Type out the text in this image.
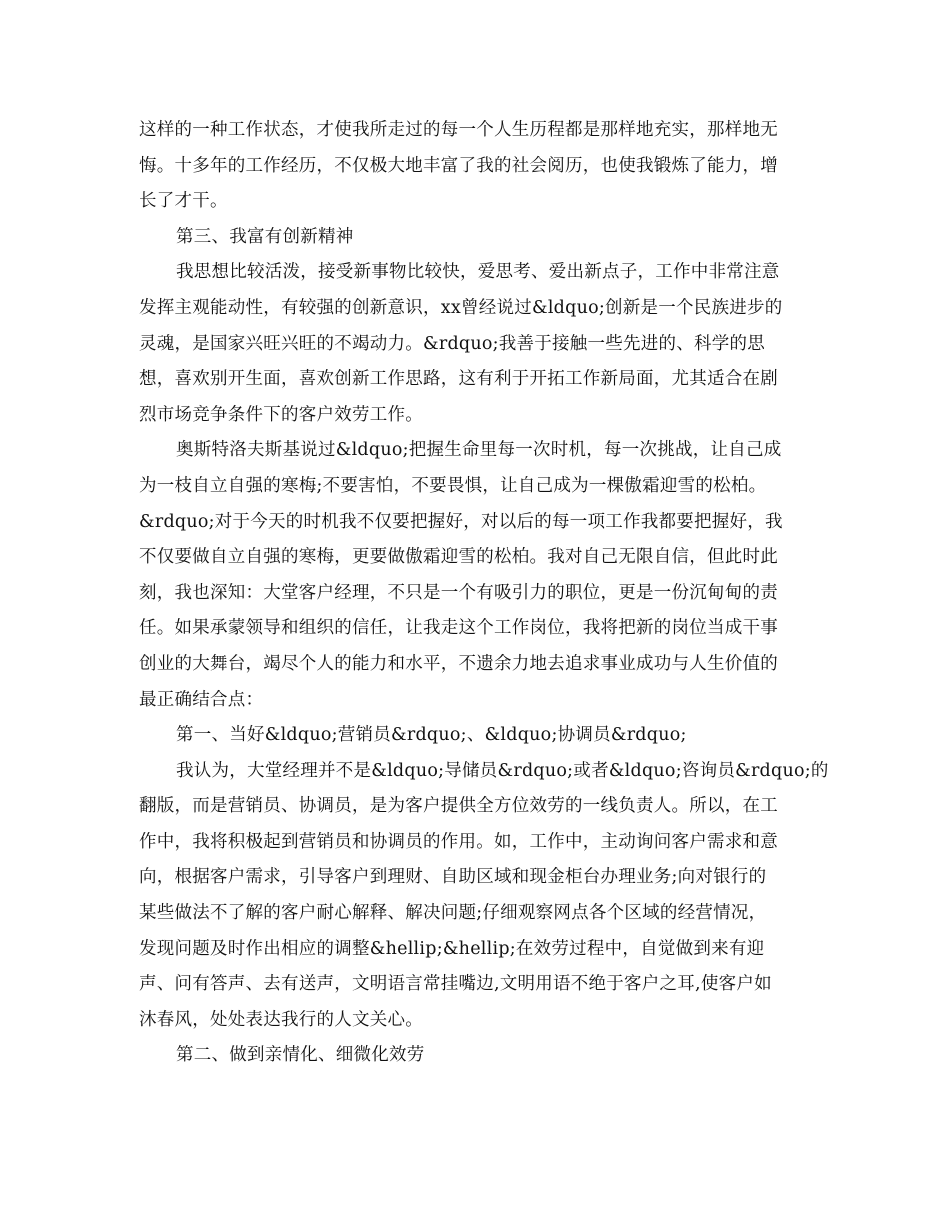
这样的一种工作状态，才使我所走过的每一个人生历程都是那样地充实，那样地无
悔。十多年的工作经历，不仅极大地丰富了我的社会阅历，也使我锻炼了能力，增
长了才干。
第三、我富有创新精神
我思想比较活泼，接受新事物比较快，爱思考、爱出新点子，工作中非常注意
发挥主观能动性，有较强的创新意识，xx曾经说过&ldquo;创新是一个民族进步的
灵魂，是国家兴旺兴旺的不竭动力。&rdquo;我善于接触一些先进的、科学的思
想，喜欢别开生面，喜欢创新工作思路，这有利于开拓工作新局面，尤其适合在剧
烈市场竞争条件下的客户效劳工作。
奥斯特洛夫斯基说过&ldquo;把握生命里每一次时机，每一次挑战，让自己成
为一枝自立自强的寒梅;不要害怕，不要畏惧，让自己成为一棵傲霜迎雪的松柏。
&rdquo;对于今天的时机我不仅要把握好，对以后的每一项工作我都要把握好，我
不仅要做自立自强的寒梅，更要做傲霜迎雪的松柏。我对自己无限自信，但此时此
刻，我也深知：大堂客户经理，不只是一个有吸引力的职位，更是一份沉甸甸的责
任。如果承蒙领导和组织的信任，让我走这个工作岗位，我将把新的岗位当成干事
创业的大舞台，竭尽个人的能力和水平，不遗余力地去追求事业成功与人生价值的
最正确结合点：
第一、当好&ldquo;营销员&rdquo;、&ldquo;协调员&rdquo;
我认为，大堂经理并不是&ldquo;导储员&rdquo;或者&ldquo;咨询员&rdquo;的
翻版，而是营销员、协调员，是为客户提供全方位效劳的一线负责人。所以，在工
作中，我将积极起到营销员和协调员的作用。如，工作中，主动询问客户需求和意
向，根据客户需求，引导客户到理财、自助区域和现金柜台办理业务;向对银行的
某些做法不了解的客户耐心解释、解决问题;仔细观察网点各个区域的经营情况，
发现问题及时作出相应的调整&hellip;&hellip;在效劳过程中，自觉做到来有迎
声、问有答声、去有送声，文明语言常挂嘴边,文明用语不绝于客户之耳,使客户如
沐春风，处处表达我行的人文关心。
第二、做到亲情化、细微化效劳
